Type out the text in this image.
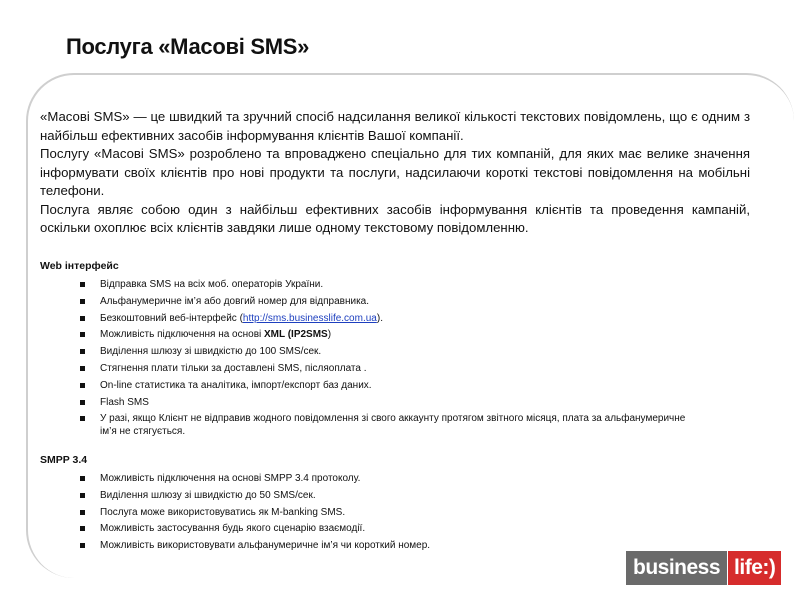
Послуга «Масові SMS»

«Масові SMS» — це швидкий та зручний спосіб надсилання великої кількості текстових повідомлень, що є одним з найбільш ефективних засобів інформування клієнтів Вашої компанії.

Послугу «Масові SMS» розроблено та впроваджено спеціально для тих компаній, для яких має велике значення інформувати своїх клієнтів про нові продукти та послуги, надсилаючи короткі текстові повідомлення на мобільні телефони.

Послуга являє собою один з найбільш ефективних засобів інформування клієнтів та проведення кампаній, оскільки охоплює всіх клієнтів завдяки лише одному текстовому повідомленню.

Web інтерфейс
Відправка SMS на всіх моб. операторів України.
Альфанумеричне ім’я або довгий номер для відправника.
Безкоштовний веб-інтерфейс (http://sms.businesslife.com.ua).
Можливість підключення на основі XML (IP2SMS)
Виділення шлюзу зі швидкістю до 100 SMS/сек.
Стягнення плати тільки за доставлені SMS, післяоплата .
On-line статистика та аналітика, імпорт/експорт баз даних.
Flash SMS
У разі, якщо Клієнт не відправив жодного повідомлення зі свого аккаунту протягом звітного місяця, плата за альфанумеричне ім’я не стягується.
SMPP 3.4
Можливість підключення на основі SMPP 3.4 протоколу.
Виділення шлюзу зі швидкістю до 50 SMS/сек.
Послуга може використовуватись як M-banking SMS.
Можливість застосування будь якого сценарію взаємодії.
Можливість використовувати альфанумеричне ім’я чи короткий номер.
business life:)
